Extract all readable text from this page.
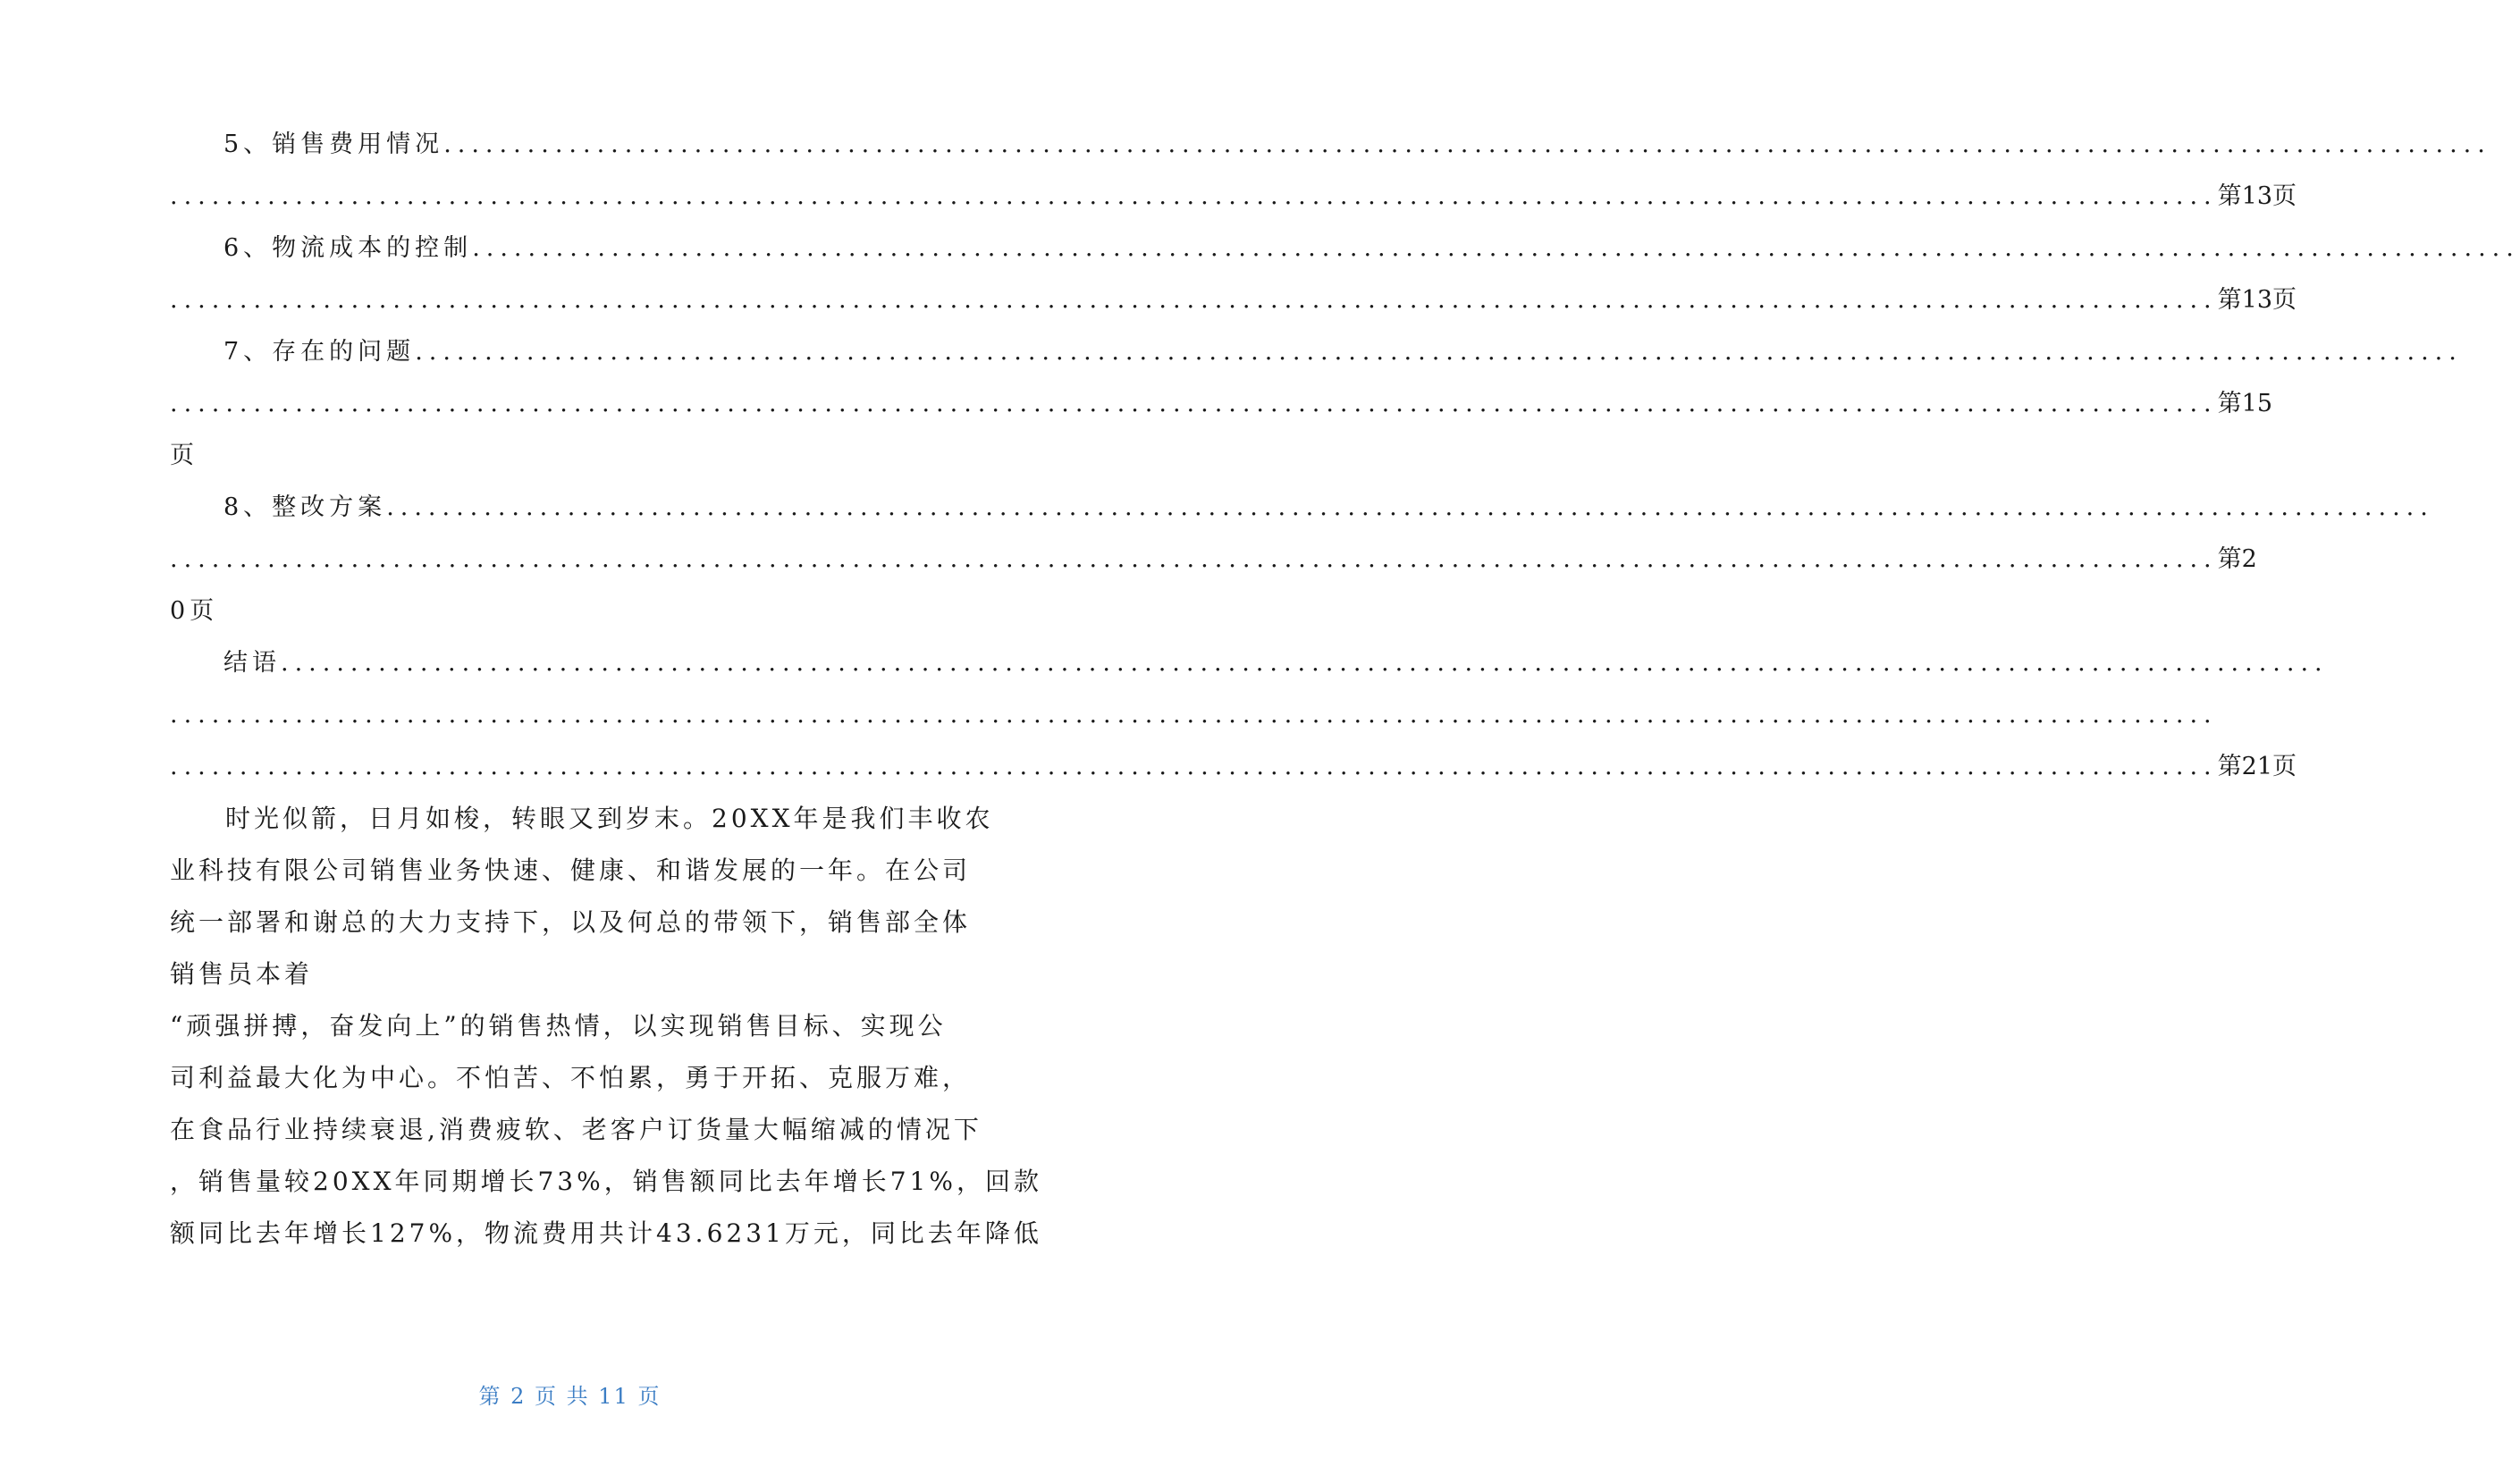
5、销售费用情况 ...................................................................................................................................................
................................................................................................................................................... 第13页
6、物流成本的控制 ...................................................................................................................................................
................................................................................................................................................... 第13页
7、存在的问题 ...................................................................................................................................................
................................................................................................................................................... 第15
页
8、整改方案 ...................................................................................................................................................
................................................................................................................................................... 第2
0页
结语 ...................................................................................................................................................
...................................................................................................................................................
................................................................................................................................................... 第21页
时光似箭，日月如梭，转眼又到岁末。20XX年是我们丰收农
业科技有限公司销售业务快速、健康、和谐发展的一年。在公司
统一部署和谢总的大力支持下，以及何总的带领下，销售部全体
销售员本着
“顽强拼搏，奋发向上”的销售热情，以实现销售目标、实现公
司利益最大化为中心。不怕苦、不怕累，勇于开拓、克服万难，
在食品行业持续衰退,消费疲软、老客户订货量大幅缩减的情况下
，销售量较20XX年同期增长73%，销售额同比去年增长71%，回款
额同比去年增长127%，物流费用共计43.6231万元，同比去年降低
第 2 页 共 11 页
